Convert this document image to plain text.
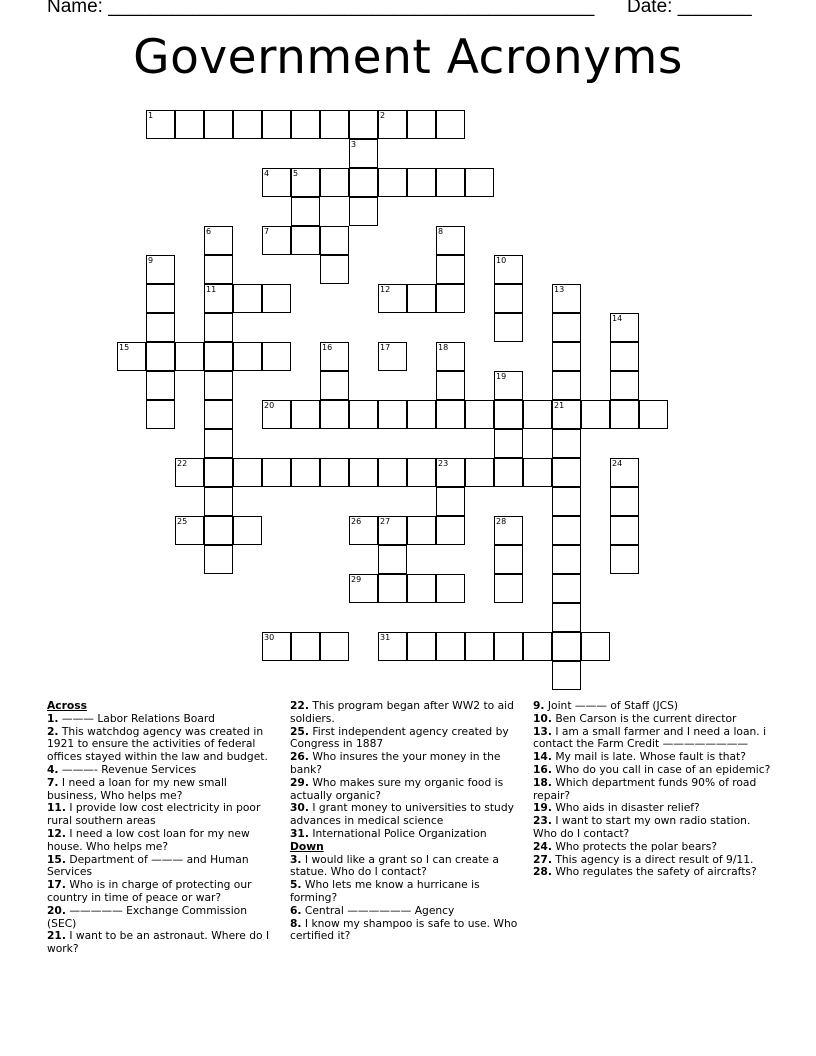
Name: ______________________________________________ Date: _______
Government Acronyms
1	2
3
4	5
6	7	8
9	10
11	12	13
14
15	16	17	18
19
20	21
22	23	24
25	26 27	28
29
30	31
Across
1. ——— Labor Relations Board
2. This watchdog agency was created in 1921 to ensure the activities of federal offices stayed within the law and budget.
4. ———- Revenue Services
7. I need a loan for my new small business, Who helps me?
11. I provide low cost electricity in poor rural southern areas
12. I need a low cost loan for my new house. Who helps me?
15. Department of ——— and Human Services
17. Who is in charge of protecting our country in time of peace or war?
20. ————— Exchange Commission (SEC)
21. I want to be an astronaut. Where do I work?
22. This program began after WW2 to aid soldiers.
25. First independent agency created by Congress in 1887
26. Who insures the your money in the bank?
29. Who makes sure my organic food is actually organic?
30. I grant money to universities to study advances in medical science
31. International Police Organization
Down
3. I would like a grant so I can create a statue. Who do I contact?
5. Who lets me know a hurricane is forming?
6. Central —————— Agency
8. I know my shampoo is safe to use. Who certified it?
9. Joint ——— of Staff (JCS)
10. Ben Carson is the current director
13. I am a small farmer and I need a loan. i contact the Farm Credit ————————
14. My mail is late. Whose fault is that?
16. Who do you call in case of an epidemic?
18. Which department funds 90% of road repair?
19. Who aids in disaster relief?
23. I want to start my own radio station. Who do I contact?
24. Who protects the polar bears?
27. This agency is a direct result of 9/11.
28. Who regulates the safety of aircrafts?
